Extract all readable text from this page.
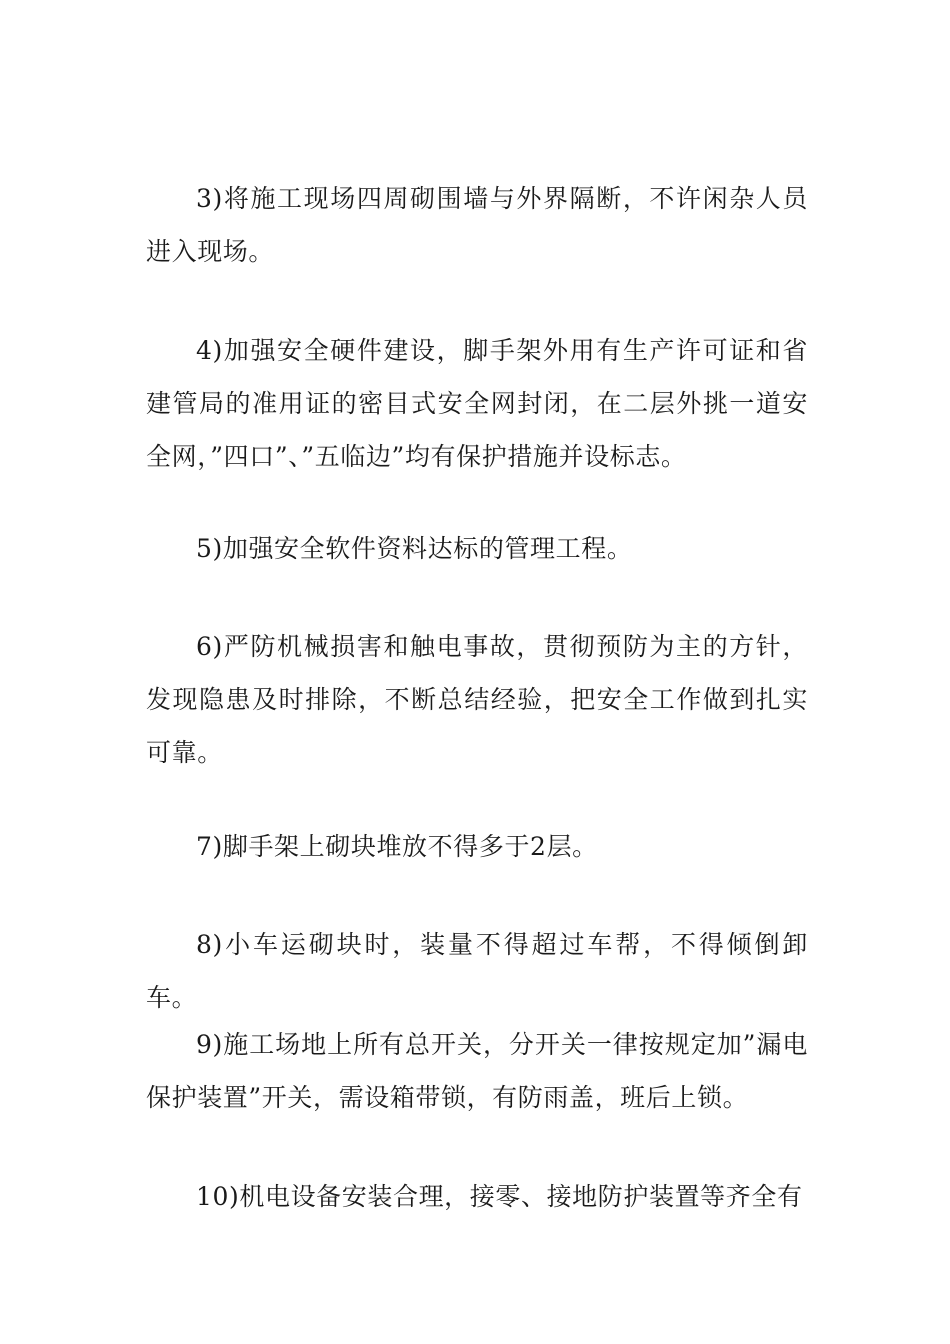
3)将施工现场四周砌围墙与外界隔断，不许闲杂人员进入现场。

4)加强安全硬件建设，脚手架外用有生产许可证和省建管局的准用证的密目式安全网封闭，在二层外挑一道安全网，”四口”、”五临边”均有保护措施并设标志。

5)加强安全软件资料达标的管理工程。

6)严防机械损害和触电事故，贯彻预防为主的方针，发现隐患及时排除，不断总结经验，把安全工作做到扎实可靠。

7)脚手架上砌块堆放不得多于2层。

8)小车运砌块时，装量不得超过车帮，不得倾倒卸车。

9)施工场地上所有总开关，分开关一律按规定加”漏电保护装置”开关，需设箱带锁，有防雨盖，班后上锁。

10)机电设备安装合理，接零、接地防护装置等齐全有
